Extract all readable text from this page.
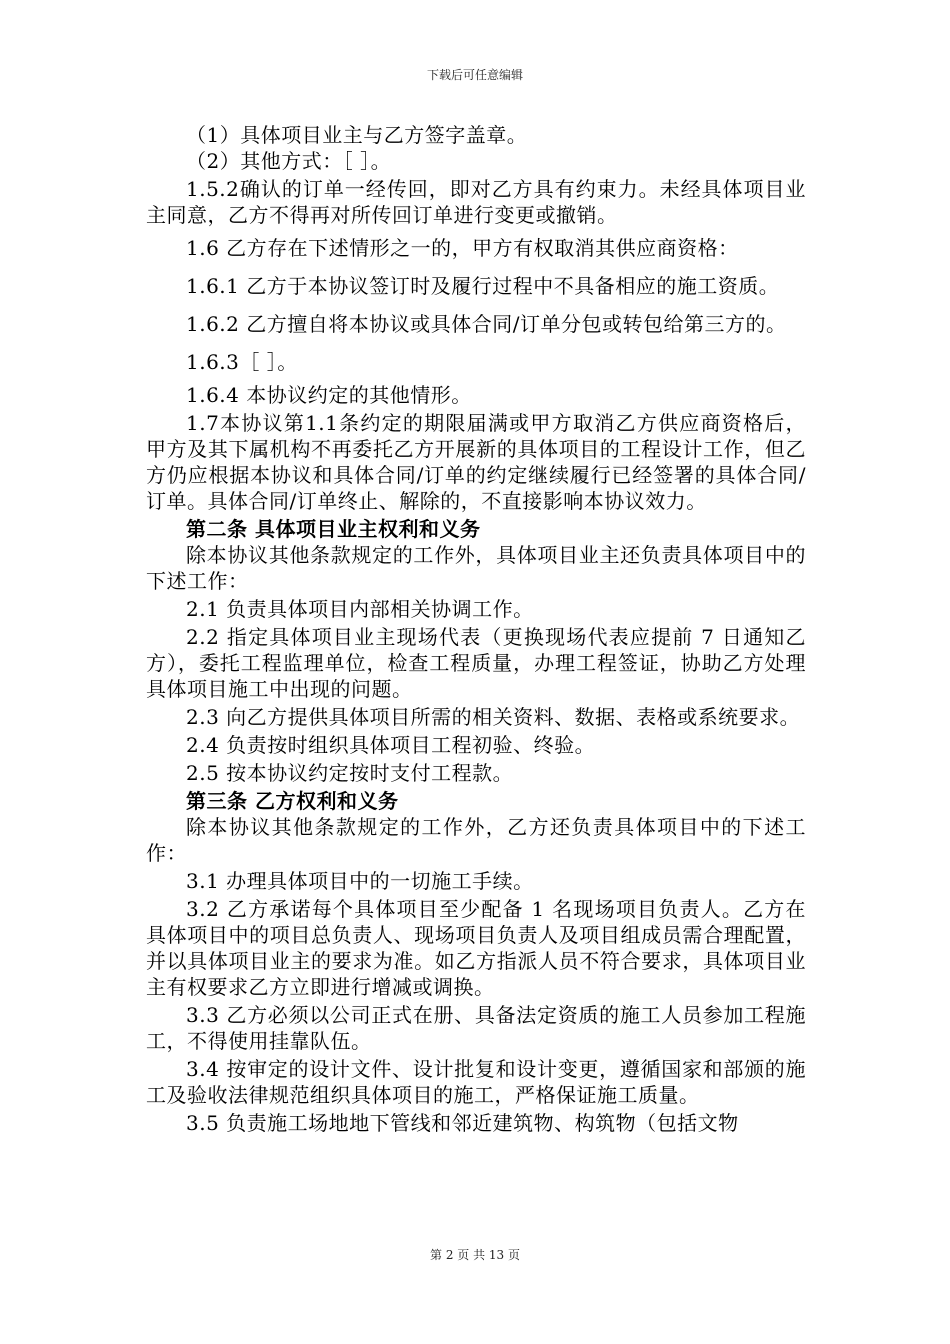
下载后可任意编辑
（1）具体项目业主与乙方签字盖章。
（2）其他方式：［ ］。
1.5.2确认的订单一经传回，即对乙方具有约束力。未经具体项目业主同意，乙方不得再对所传回订单进行变更或撤销。
1.6 乙方存在下述情形之一的，甲方有权取消其供应商资格：
1.6.1 乙方于本协议签订时及履行过程中不具备相应的施工资质。
1.6.2 乙方擅自将本协议或具体合同/订单分包或转包给第三方的。
1.6.3［ ］。
1.6.4 本协议约定的其他情形。
1.7本协议第1.1条约定的期限届满或甲方取消乙方供应商资格后，甲方及其下属机构不再委托乙方开展新的具体项目的工程设计工作，但乙方仍应根据本协议和具体合同/订单的约定继续履行已经签署的具体合同/订单。具体合同/订单终止、解除的，不直接影响本协议效力。
第二条 具体项目业主权利和义务
除本协议其他条款规定的工作外，具体项目业主还负责具体项目中的下述工作：
2.1 负责具体项目内部相关协调工作。
2.2 指定具体项目业主现场代表（更换现场代表应提前 7 日通知乙方），委托工程监理单位，检查工程质量，办理工程签证，协助乙方处理具体项目施工中出现的问题。
2.3 向乙方提供具体项目所需的相关资料、数据、表格或系统要求。
2.4 负责按时组织具体项目工程初验、终验。
2.5 按本协议约定按时支付工程款。
第三条 乙方权利和义务
除本协议其他条款规定的工作外，乙方还负责具体项目中的下述工作：
3.1 办理具体项目中的一切施工手续。
3.2 乙方承诺每个具体项目至少配备 1 名现场项目负责人。乙方在具体项目中的项目总负责人、现场项目负责人及项目组成员需合理配置，并以具体项目业主的要求为准。如乙方指派人员不符合要求，具体项目业主有权要求乙方立即进行增减或调换。
3.3 乙方必须以公司正式在册、具备法定资质的施工人员参加工程施工，不得使用挂靠队伍。
3.4 按审定的设计文件、设计批复和设计变更，遵循国家和部颁的施工及验收法律规范组织具体项目的施工，严格保证施工质量。
3.5 负责施工场地地下管线和邻近建筑物、构筑物（包括文物
第 2 页 共 13 页
